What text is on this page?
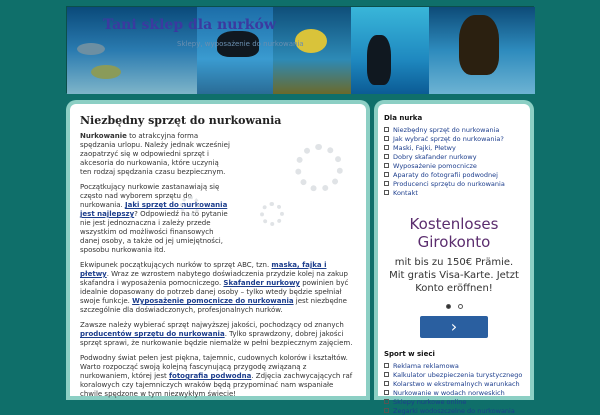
Tani sklep dla nurków
Sklepy, wyposażenie do nurkowania
Niezbędny sprzęt do nurkowania

Nurkowanie to atrakcyjna forma spędzania urlopu. Należy jednak wcześniej zaopatrzyć się w odpowiedni sprzęt i akcesoria do nurkowania, które uczynią ten rodzaj spędzania czasu bezpiecznym.

Początkujący nurkowie zastanawiają się często nad wyborem sprzętu do nurkowania. Jaki sprzęt do nurkowania jest najlepszy? Odpowiedź na to pytanie nie jest jednoznaczna i zależy przede wszystkim od możliwości finansowych danej osoby, a także od jej umiejętności, sposobu nurkowania itd.

Ekwipunek początkujących nurków to sprzęt ABC, tzn. maska, fajka i płetwy. Wraz ze wzrostem nabytego doświadczenia przydzie kolej na zakup skafandra i wyposażenia pomocniczego. Skafander nurkowy powinien być idealnie dopasowany do potrzeb danej osoby – tylko wtedy będzie spełniał swoje funkcje. Wyposażenie pomocnicze do nurkowania jest niezbędne szczególnie dla doświadczonych, profesjonalnych nurków.

Zawsze należy wybierać sprzęt najwyższej jakości, pochodzący od znanych producentów sprzętu do nurkowania. Tylko sprawdzony, dobrej jakości sprzęt sprawi, że nurkowanie będzie niemalże w pełni bezpiecznym zajęciem.

Podwodny świat pełen jest piękna, tajemnic, cudownych kolorów i kształtów. Warto rozpocząć swoją kolejną fascynującą przygodę związaną z nurkowaniem, której jest fotografia podwodna. Zdjęcia zachwycających raf koralowych czy tajemniczych wraków będą przypominać nam wspaniałe chwile spędzone w tym niezwykłym świecie!

Dla nurka
Niezbędny sprzęt do nurkowania
Jak wybrać sprzęt do nurkowania?
Maski, Fajki, Płetwy
Dobry skafander nurkowy
Wyposażenie pomocnicze
Aparaty do fotografii podwodnej
Producenci sprzętu do nurkowania
Kontakt
Kostenloses Girokonto
mit bis zu 150€ Prämie.
Mit gratis Visa-Karte. Jetzt
Konto eröffnen!
›
Sport w sieci
Reklama reklamowa
Kalkulator ubezpieczenia turystycznego
Kolarstwo w ekstremalnych warunkach
Nurkowanie w wodach norweskich
Sklepy nurkowe online
Zegarki wodoszczelne do nurkowania
